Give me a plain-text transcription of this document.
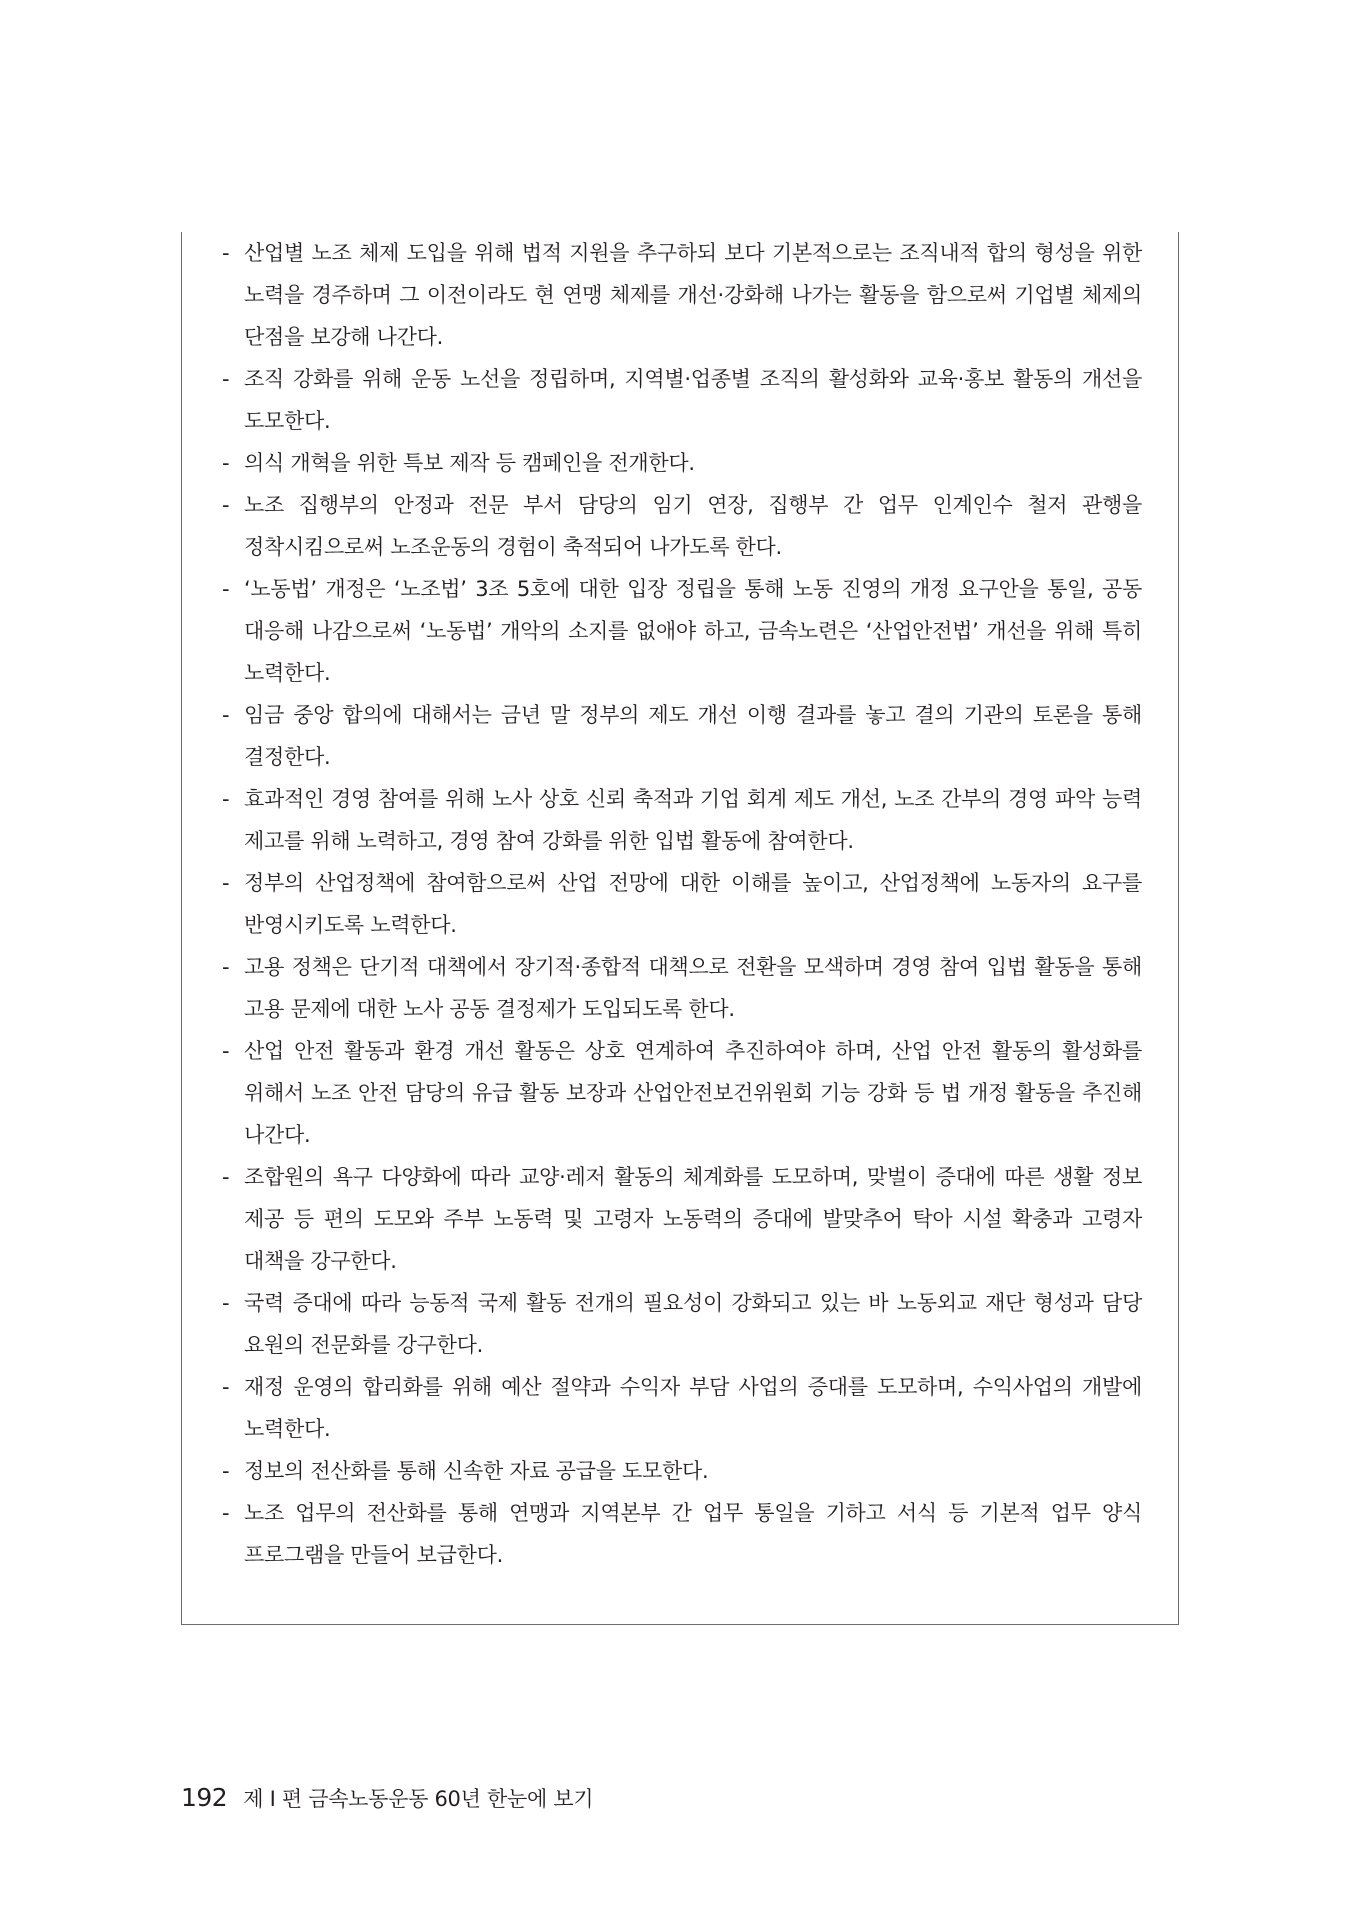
- 산업별 노조 체제 도입을 위해 법적 지원을 추구하되 보다 기본적으로는 조직내적 합의 형성을 위한 노력을 경주하며 그 이전이라도 현 연맹 체제를 개선·강화해 나가는 활동을 함으로써 기업별 체제의 단점을 보강해 나간다.
- 조직 강화를 위해 운동 노선을 정립하며, 지역별·업종별 조직의 활성화와 교육·홍보 활동의 개선을 도모한다.
- 의식 개혁을 위한 특보 제작 등 캠페인을 전개한다.
- 노조 집행부의 안정과 전문 부서 담당의 임기 연장, 집행부 간 업무 인계인수 철저 관행을 정착시킴으로써 노조운동의 경험이 축적되어 나가도록 한다.
- ‘노동법’ 개정은 ‘노조법’ 3조 5호에 대한 입장 정립을 통해 노동 진영의 개정 요구안을 통일, 공동 대응해 나감으로써 ‘노동법’ 개악의 소지를 없애야 하고, 금속노련은 ‘산업안전법’ 개선을 위해 특히 노력한다.
- 임금 중앙 합의에 대해서는 금년 말 정부의 제도 개선 이행 결과를 놓고 결의 기관의 토론을 통해 결정한다.
- 효과적인 경영 참여를 위해 노사 상호 신뢰 축적과 기업 회계 제도 개선, 노조 간부의 경영 파악 능력 제고를 위해 노력하고, 경영 참여 강화를 위한 입법 활동에 참여한다.
- 정부의 산업정책에 참여함으로써 산업 전망에 대한 이해를 높이고, 산업정책에 노동자의 요구를 반영시키도록 노력한다.
- 고용 정책은 단기적 대책에서 장기적·종합적 대책으로 전환을 모색하며 경영 참여 입법 활동을 통해 고용 문제에 대한 노사 공동 결정제가 도입되도록 한다.
- 산업 안전 활동과 환경 개선 활동은 상호 연계하여 추진하여야 하며, 산업 안전 활동의 활성화를 위해서 노조 안전 담당의 유급 활동 보장과 산업안전보건위원회 기능 강화 등 법 개정 활동을 추진해 나간다.
- 조합원의 욕구 다양화에 따라 교양·레저 활동의 체계화를 도모하며, 맞벌이 증대에 따른 생활 정보 제공 등 편의 도모와 주부 노동력 및 고령자 노동력의 증대에 발맞추어 탁아 시설 확충과 고령자 대책을 강구한다.
- 국력 증대에 따라 능동적 국제 활동 전개의 필요성이 강화되고 있는 바 노동외교 재단 형성과 담당 요원의 전문화를 강구한다.
- 재정 운영의 합리화를 위해 예산 절약과 수익자 부담 사업의 증대를 도모하며, 수익사업의 개발에 노력한다.
- 정보의 전산화를 통해 신속한 자료 공급을 도모한다.
- 노조 업무의 전산화를 통해 연맹과 지역본부 간 업무 통일을 기하고 서식 등 기본적 업무 양식 프로그램을 만들어 보급한다.
192 제 I 편 금속노동운동 60년 한눈에 보기
